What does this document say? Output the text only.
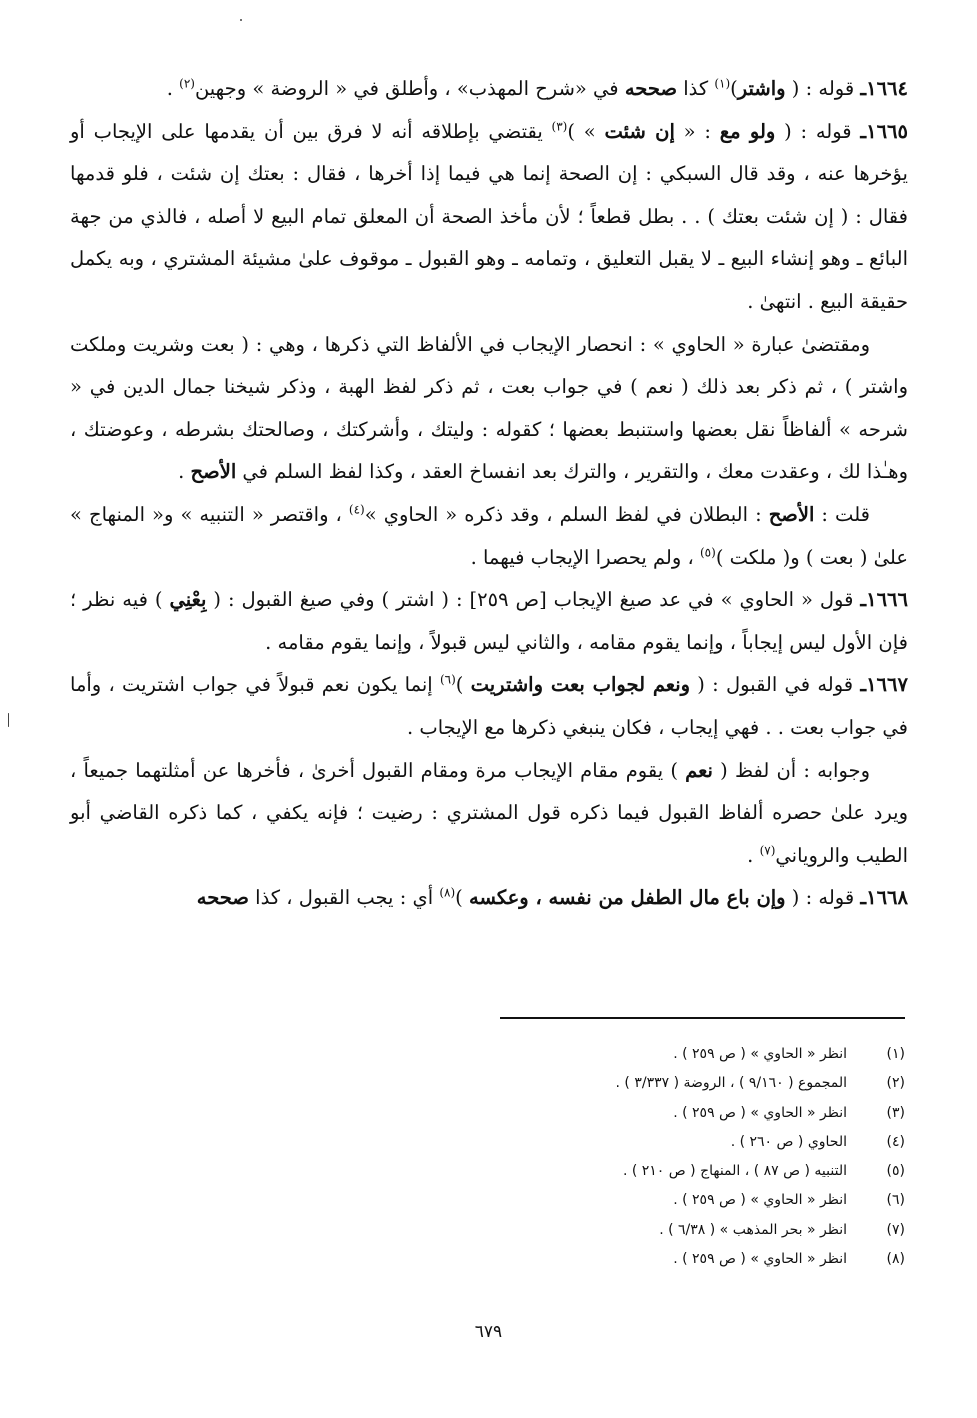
١٦٦٤ـ قوله : ( واشتر)$^{(١)}$ كذا صححه في «شرح المهذب» ، وأطلق في « الروضة » وجهين$^{(٢)}$ .

١٦٦٥ـ قوله : ( ولو مع : « إن شئت » )$^{(٣)}$ يقتضي بإطلاقه أنه لا فرق بين أن يقدمها على الإيجاب أو يؤخرها عنه ، وقد قال السبكي : إن الصحة إنما هي فيما إذا أخرها ، فقال : بعتك إن شئت ، فلو قدمها فقال : ( إن شئت بعتك ) . . بطل قطعاً ؛ لأن مأخذ الصحة أن المعلق تمام البيع لا أصله ، فالذي من جهة البائع ـ وهو إنشاء البيع ـ لا يقبل التعليق ، وتمامه ـ وهو القبول ـ موقوف علىٰ مشيئة المشتري ، وبه يكمل حقيقة البيع . انتهىٰ .

ومقتضىٰ عبارة « الحاوي » : انحصار الإيجاب في الألفاظ التي ذكرها ، وهي : ( بعت وشريت وملكت واشتر ) ، ثم ذكر بعد ذلك ( نعم ) في جواب بعت ، ثم ذكر لفظ الهبة ، وذكر شيخنا جمال الدين في « شرحه » ألفاظاً نقل بعضها واستنبط بعضها ؛ كقوله : وليتك ، وأشركتك ، وصالحتك بشرطه ، وعوضتك ، وهـٰذا لك ، وعقدت معك ، والتقرير ، والترك بعد انفساخ العقد ، وكذا لفظ السلم في الأصح .

قلت : الأصح : البطلان في لفظ السلم ، وقد ذكره « الحاوي »$^{(٤)}$ ، واقتصر « التنبيه » و« المنهاج » علىٰ ( بعت ) و( ملكت )$^{(٥)}$ ، ولم يحصرا الإيجاب فيهما .

١٦٦٦ـ قول « الحاوي » في عد صيغ الإيجاب [ص ٢٥٩] : ( اشتر ) وفي صيغ القبول : ( بِعْنِي ) فيه نظر ؛ فإن الأول ليس إيجاباً ، وإنما يقوم مقامه ، والثاني ليس قبولاً ، وإنما يقوم مقامه .

١٦٦٧ـ قوله في القبول : ( ونعم لجواب بعت واشتريت )$^{(٦)}$ إنما يكون نعم قبولاً في جواب اشتريت ، وأما في جواب بعت . . فهي إيجاب ، فكان ينبغي ذكرها مع الإيجاب .

وجوابه : أن لفظ ( نعم ) يقوم مقام الإيجاب مرة ومقام القبول أخرىٰ ، فأخرها عن أمثلتهما جميعاً ، ويرد علىٰ حصره ألفاظ القبول فيما ذكره قول المشتري : رضيت ؛ فإنه يكفي ، كما ذكره القاضي أبو الطيب والروياني$^{(٧)}$ .

١٦٦٨ـ قوله : ( وإن باع مال الطفل من نفسه ، وعكسه )$^{(٨)}$ أي : يجب القبول ، كذا صححه

(١)انظر « الحاوي » ( ص ٢٥٩ ) .
(٢)المجموع ( ٩/١٦٠ ) ، الروضة ( ٣/٣٣٧ ) .
(٣)انظر « الحاوي » ( ص ٢٥٩ ) .
(٤)الحاوي ( ص ٢٦٠ ) .
(٥)التنبيه ( ص ٨٧ ) ، المنهاج ( ص ٢١٠ ) .
(٦)انظر « الحاوي » ( ص ٢٥٩ ) .
(٧)انظر « بحر المذهب » ( ٦/٣٨ ) .
(٨)انظر « الحاوي » ( ص ٢٥٩ ) .
٦٧٩
